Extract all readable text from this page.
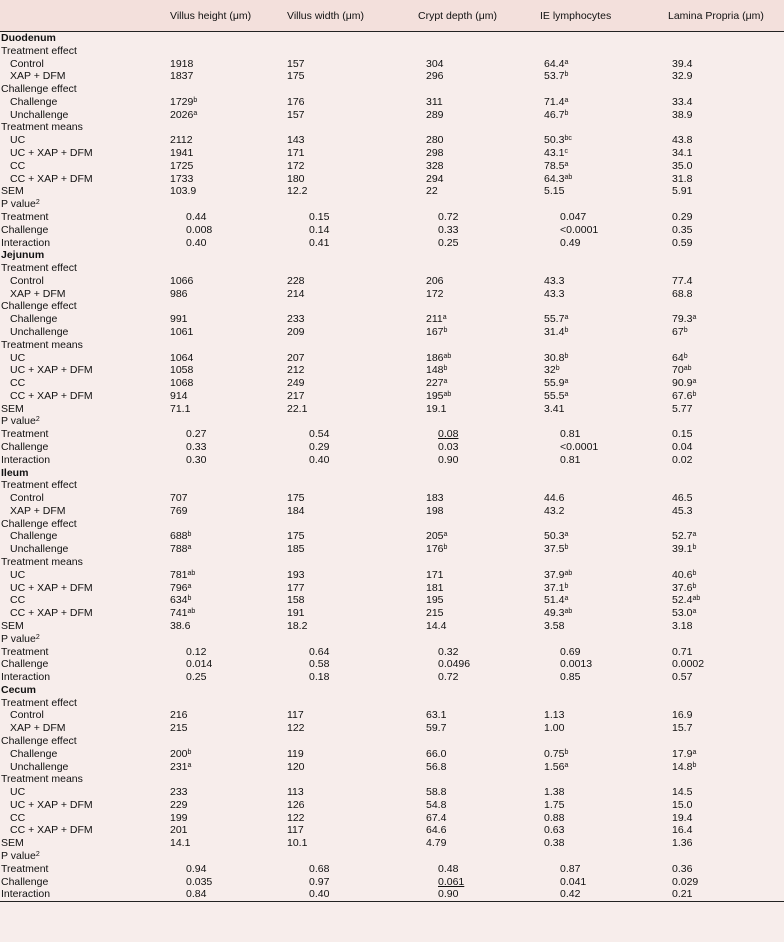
	Villus height (μm)	Villus width (μm)	Crypt depth (μm)	IE lymphocytes	Lamina Propria (μm)
Duodenum					
Treatment effect					
Control	1918	157	304	64.4$^a$	39.4
XAP + DFM	1837	175	296	53.7$^b$	32.9
Challenge effect					
Challenge	1729$^b$	176	311	71.4$^a$	33.4
Unchallenge	2026$^a$	157	289	46.7$^b$	38.9
Treatment means					
UC	2112	143	280	50.3$^{bc}$	43.8
UC + XAP + DFM	1941	171	298	43.1$^c$	34.1
CC	1725	172	328	78.5$^a$	35.0
CC + XAP + DFM	1733	180	294	64.3$^{ab}$	31.8
SEM	103.9	12.2	22	5.15	5.91
P value$^2$	
Treatment	0.44	0.15	0.72	0.047	0.29
Challenge	0.008	0.14	0.33	<0.0001	0.35
Interaction	0.40	0.41	0.25	0.49	0.59
Jejunum					
Treatment effect					
Control	1066	228	206	43.3	77.4
XAP + DFM	986	214	172	43.3	68.8
Challenge effect					
Challenge	991	233	211$^a$	55.7$^a$	79.3$^a$
Unchallenge	1061	209	167$^b$	31.4$^b$	67$^b$
Treatment means					
UC	1064	207	$186^{ab}$	30.8$^b$	64$^b$
UC + XAP + DFM	1058	212	148$^b$	32$^b$	$70^{ab}$
CC	1068	249	227$^a$	55.9$^a$	90.9$^a$
CC + XAP + DFM	914	217	$195^{ab}$	55.5$^a$	67.6$^b$
SEM	71.1	22.1	19.1	3.41	5.77
P value$^2$	
Treatment	0.27	0.54	0.08	0.81	0.15
Challenge	0.33	0.29	0.03	<0.0001	0.04
Interaction	0.30	0.40	0.90	0.81	0.02
Ileum					
Treatment effect					
Control	707	175	183	44.6	46.5
XAP + DFM	769	184	198	43.2	45.3
Challenge effect					
Challenge	688$^b$	175	205$^a$	50.3$^a$	52.7$^a$
Unchallenge	788$^a$	185	176$^b$	37.5$^b$	39.1$^b$
Treatment means					
UC	$781^{ab}$	193	171	37.9$^{ab}$	40.6$^b$
UC + XAP + DFM	796$^a$	177	181	37.1$^b$	37.6$^b$
CC	634$^b$	158	195	51.4$^a$	52.4$^{ab}$
CC + XAP + DFM	$741^{ab}$	191	215	49.3$^{ab}$	53.0$^a$
SEM	38.6	18.2	14.4	3.58	3.18
P value$^2$	
Treatment	0.12	0.64	0.32	0.69	0.71
Challenge	0.014	0.58	0.0496	0.0013	0.0002
Interaction	0.25	0.18	0.72	0.85	0.57
Cecum					
Treatment effect					
Control	216	117	63.1	1.13	16.9
XAP + DFM	215	122	59.7	1.00	15.7
Challenge effect					
Challenge	200$^b$	119	66.0	0.75$^b$	17.9$^a$
Unchallenge	231$^a$	120	56.8	1.56$^a$	14.8$^b$
Treatment means					
UC	233	113	58.8	1.38	14.5
UC + XAP + DFM	229	126	54.8	1.75	15.0
CC	199	122	67.4	0.88	19.4
CC + XAP + DFM	201	117	64.6	0.63	16.4
SEM	14.1	10.1	4.79	0.38	1.36
P value$^2$	
Treatment	0.94	0.68	0.48	0.87	0.36
Challenge	0.035	0.97	0.061	0.041	0.029
Interaction	0.84	0.40	0.90	0.42	0.21
